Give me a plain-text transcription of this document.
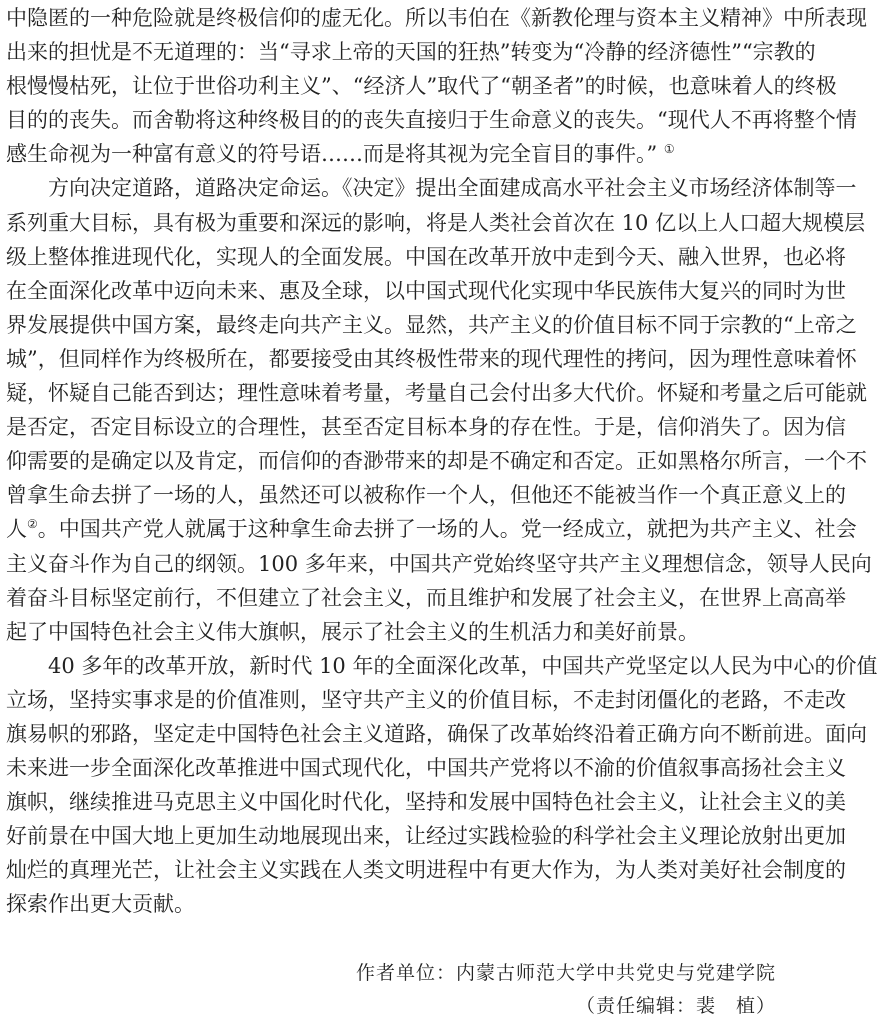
中隐匿的一种危险就是终极信仰的虚无化。所以韦伯在《新教伦理与资本主义精神》中所表现
出来的担忧是不无道理的：当“寻求上帝的天国的狂热”转变为“冷静的经济德性”“宗教的
根慢慢枯死，让位于世俗功利主义”、“经济人”取代了“朝圣者”的时候，也意味着人的终极
目的的丧失。而舍勒将这种终极目的的丧失直接归于生命意义的丧失。“现代人不再将整个情
感生命视为一种富有意义的符号语……而是将其视为完全盲目的事件。” ①
方向决定道路，道路决定命运。《决定》提出全面建成高水平社会主义市场经济体制等一
系列重大目标，具有极为重要和深远的影响，将是人类社会首次在 10 亿以上人口超大规模层
级上整体推进现代化，实现人的全面发展。中国在改革开放中走到今天、融入世界，也必将
在全面深化改革中迈向未来、惠及全球，以中国式现代化实现中华民族伟大复兴的同时为世
界发展提供中国方案，最终走向共产主义。显然，共产主义的价值目标不同于宗教的“上帝之
城”，但同样作为终极所在，都要接受由其终极性带来的现代理性的拷问，因为理性意味着怀
疑，怀疑自己能否到达；理性意味着考量，考量自己会付出多大代价。怀疑和考量之后可能就
是否定，否定目标设立的合理性，甚至否定目标本身的存在性。于是，信仰消失了。因为信
仰需要的是确定以及肯定，而信仰的杳渺带来的却是不确定和否定。正如黑格尔所言，一个不
曾拿生命去拼了一场的人，虽然还可以被称作一个人，但他还不能被当作一个真正意义上的
人②。中国共产党人就属于这种拿生命去拼了一场的人。党一经成立，就把为共产主义、社会
主义奋斗作为自己的纲领。100 多年来，中国共产党始终坚守共产主义理想信念，领导人民向
着奋斗目标坚定前行，不但建立了社会主义，而且维护和发展了社会主义，在世界上高高举
起了中国特色社会主义伟大旗帜，展示了社会主义的生机活力和美好前景。
40 多年的改革开放，新时代 10 年的全面深化改革，中国共产党坚定以人民为中心的价值
立场，坚持实事求是的价值准则，坚守共产主义的价值目标，不走封闭僵化的老路，不走改
旗易帜的邪路，坚定走中国特色社会主义道路，确保了改革始终沿着正确方向不断前进。面向
未来进一步全面深化改革推进中国式现代化，中国共产党将以不渝的价值叙事高扬社会主义
旗帜，继续推进马克思主义中国化时代化，坚持和发展中国特色社会主义，让社会主义的美
好前景在中国大地上更加生动地展现出来，让经过实践检验的科学社会主义理论放射出更加
灿烂的真理光芒，让社会主义实践在人类文明进程中有更大作为，为人类对美好社会制度的
探索作出更大贡献。
作者单位：内蒙古师范大学中共党史与党建学院
（责任编辑：裴　植）
